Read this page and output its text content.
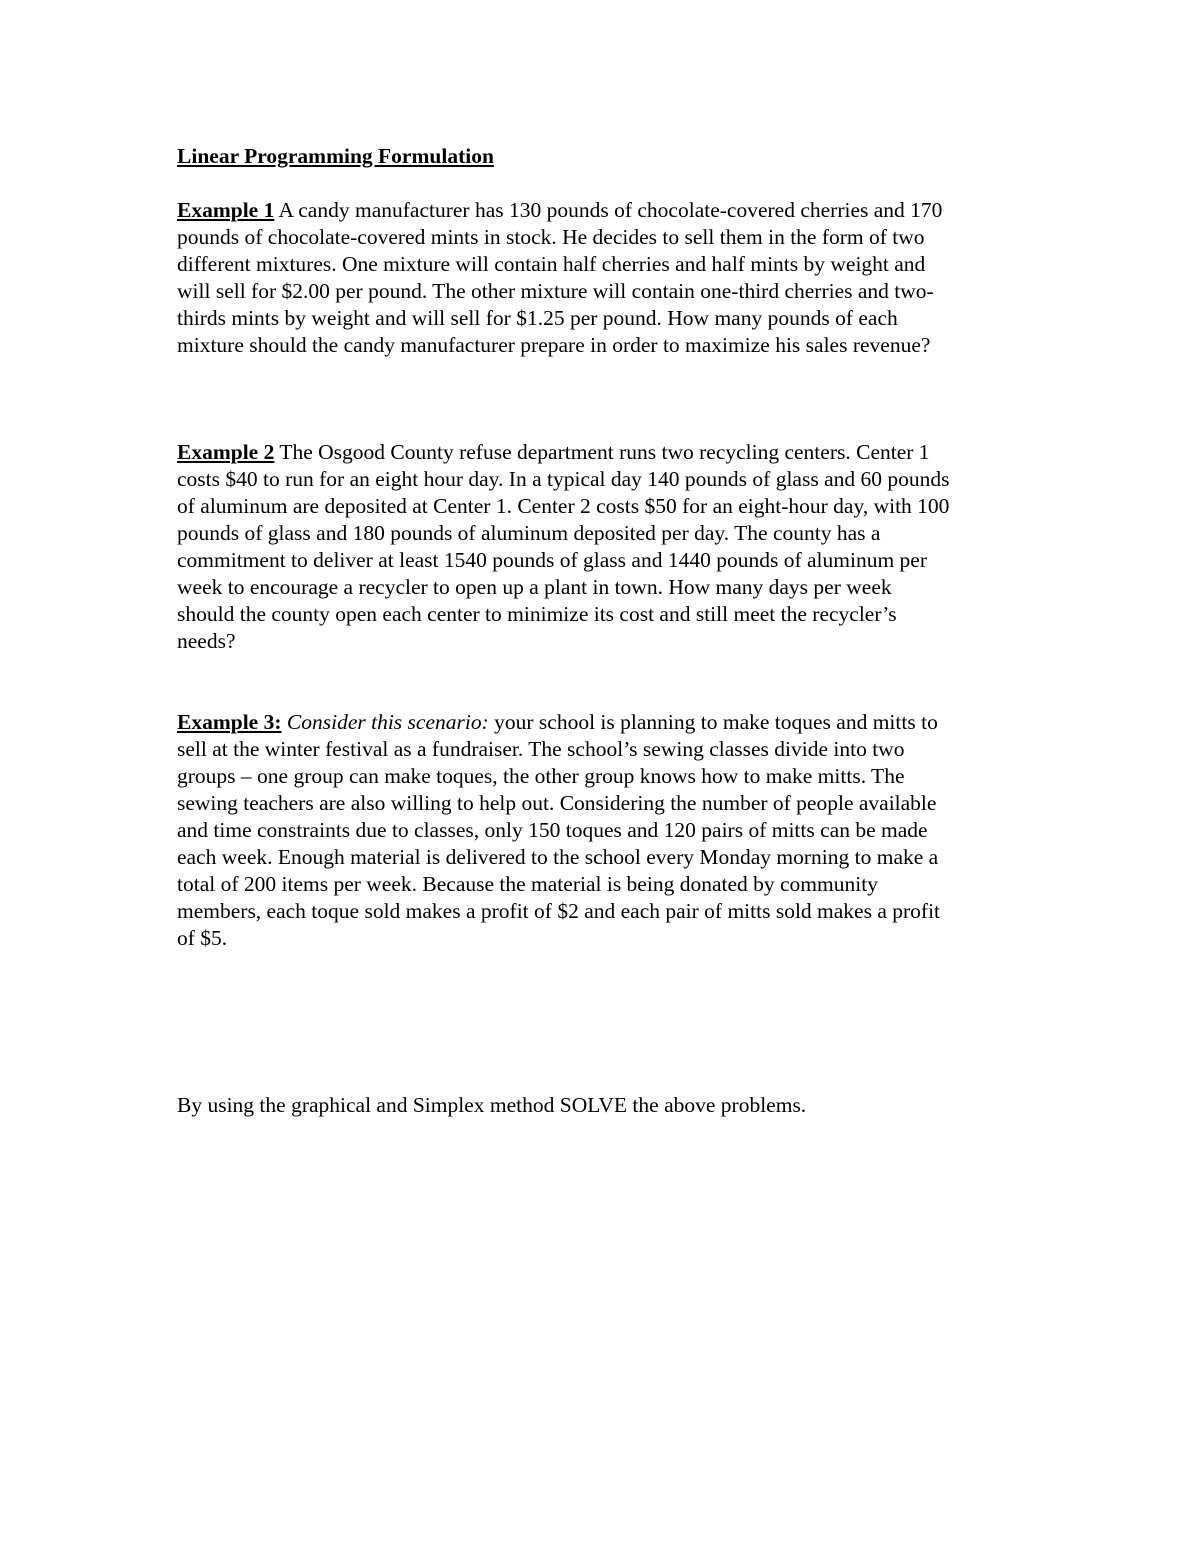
Linear Programming Formulation

Example 1 A candy manufacturer has 130 pounds of chocolate-covered cherries and 170
pounds of chocolate-covered mints in stock. He decides to sell them in the form of two
different mixtures. One mixture will contain half cherries and half mints by weight and
will sell for $2.00 per pound. The other mixture will contain one-third cherries and two-
thirds mints by weight and will sell for $1.25 per pound. How many pounds of each
mixture should the candy manufacturer prepare in order to maximize his sales revenue?

Example 2 The Osgood County refuse department runs two recycling centers. Center 1
costs $40 to run for an eight hour day. In a typical day 140 pounds of glass and 60 pounds
of aluminum are deposited at Center 1. Center 2 costs $50 for an eight-hour day, with 100
pounds of glass and 180 pounds of aluminum deposited per day. The county has a
commitment to deliver at least 1540 pounds of glass and 1440 pounds of aluminum per
week to encourage a recycler to open up a plant in town. How many days per week
should the county open each center to minimize its cost and still meet the recycler’s
needs?

Example 3: Consider this scenario: your school is planning to make toques and mitts to
sell at the winter festival as a fundraiser. The school’s sewing classes divide into two
groups – one group can make toques, the other group knows how to make mitts. The
sewing teachers are also willing to help out. Considering the number of people available
and time constraints due to classes, only 150 toques and 120 pairs of mitts can be made
each week. Enough material is delivered to the school every Monday morning to make a
total of 200 items per week. Because the material is being donated by community
members, each toque sold makes a profit of $2 and each pair of mitts sold makes a profit
of $5.

By using the graphical and Simplex method SOLVE the above problems.
